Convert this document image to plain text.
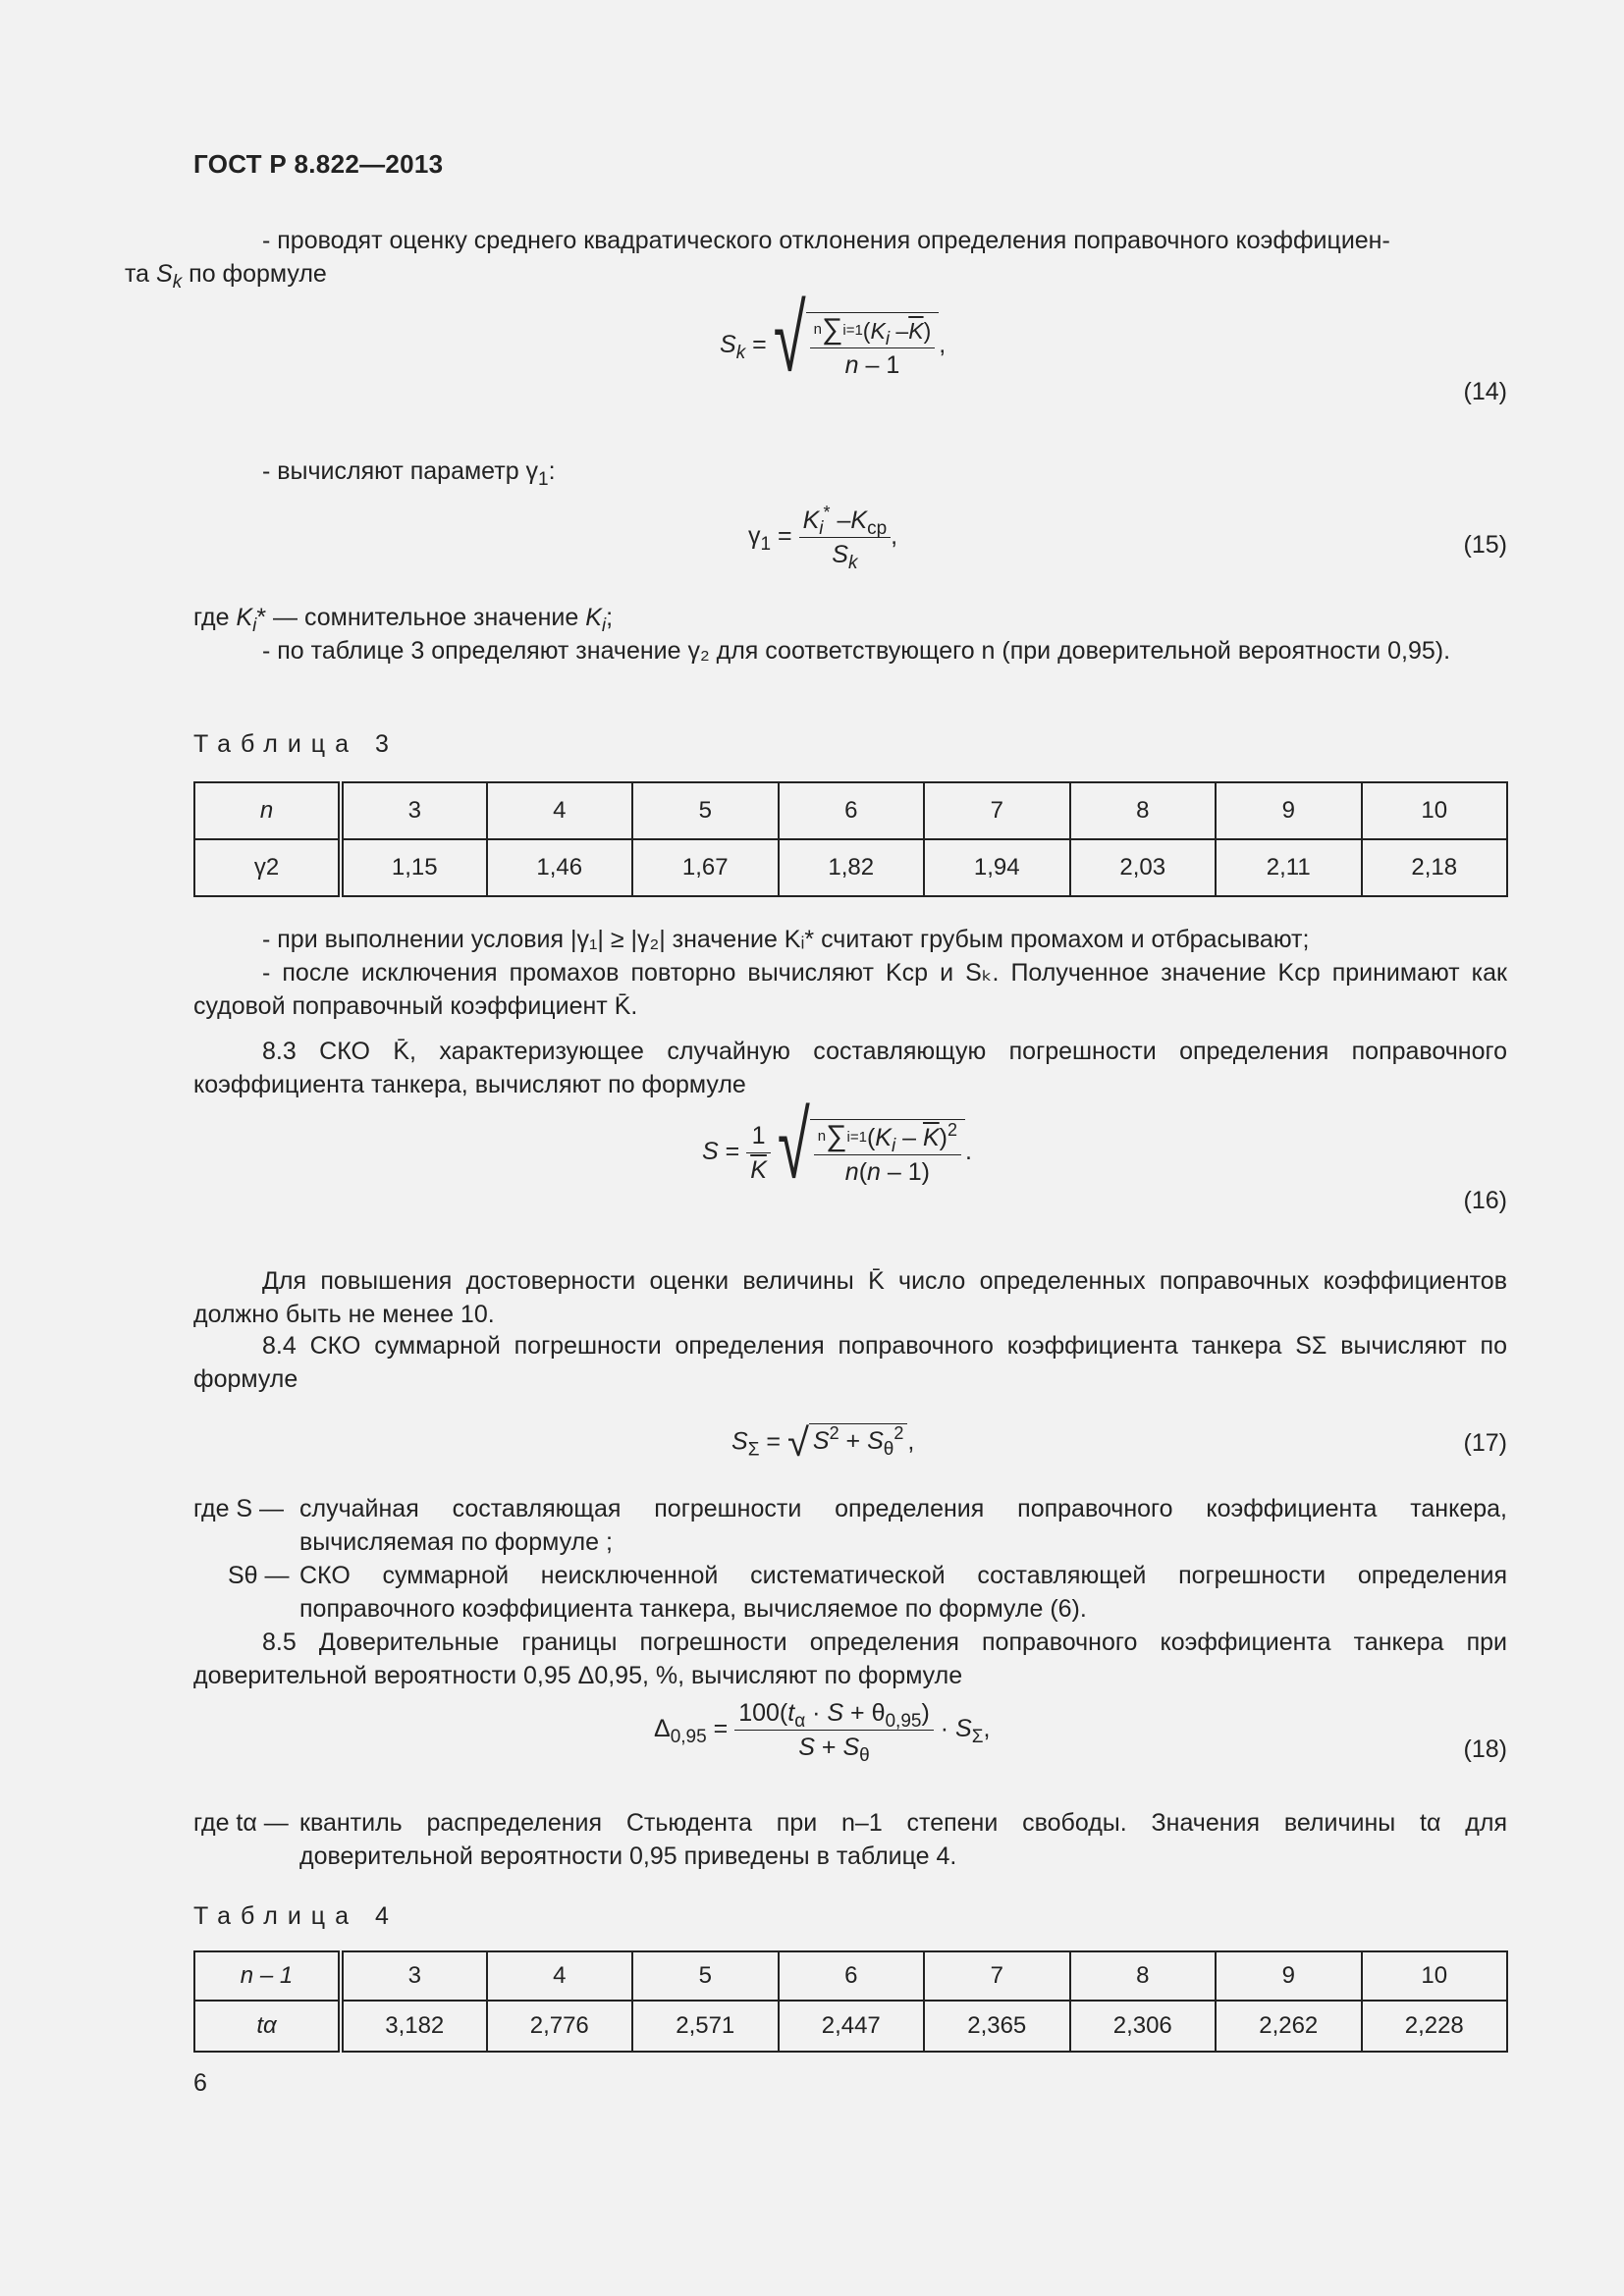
ГОСТ Р 8.822—2013
- проводят оценку среднего квадратического отклонения определения поправочного коэффициен-
та $S_k$ по формуле
$S_k$ = √ $\frac{^n\sum i=1(K_i -\overline{K})}{n - 1}$ ,
(14)
- вычисляют параметр $\gamma_1$:
$\gamma_1 = \frac{K_i^* -K_{ср}}{S_k}$ ,	(15)
где $K_i*$ — сомнительное значение $K_i$;
- по таблице 3 определяют значение γ₂ для соответствующего n (при доверительной вероятности 0,95).
Таблица 3
n	3	4	5	6	7	8	9	10
γ2	1,15	1,46	1,67	1,82	1,94	2,03	2,11	2,18
- при выполнении условия |γ₁| ≥ |γ₂| значение Kᵢ* считают грубым промахом и отбрасывают;
- после исключения промахов повторно вычисляют Kср и Sₖ. Полученное значение Kср принимают как судовой поправочный коэффициент K̄.
8.3 СКО K̄, характеризующее случайную составляющую погрешности определения поправочного коэффициента танкера, вычисляют по формуле
$S = \frac{1}{K}$
√ $\frac{^n\sum i=1(K_i - \overline{K})^2}{n(n - 1)}$ .
(16)
Для повышения достоверности оценки величины K̄ число определенных поправочных коэффициентов должно быть не менее 10.
8.4 СКО суммарной погрешности определения поправочного коэффициента танкера SΣ вычисляют по формуле
$S_\Sigma$ = √ $S^2 + S_\theta^2$ ,	(17)
где S — случайная составляющая погрешности определения поправочного коэффициента танкера, вычисляемая по формуле ;
Sθ — СКО суммарной неисключенной систематической составляющей погрешности определения поправочного коэффициента танкера, вычисляемое по формуле (6).
8.5 Доверительные границы погрешности определения поправочного коэффициента танкера при доверительной вероятности 0,95 Δ0,95, %, вычисляют по формуле
$\Delta_{0,95} = \frac{100(t_\alpha \cdot S + \theta_{0,95})}{S + S_\theta} \cdot S_\Sigma$,
(18)
где tα — квантиль распределения Стьюдента при n–1 степени свободы. Значения величины tα для доверительной вероятности 0,95 приведены в таблице 4.
Таблица 4
n – 1	3	4	5	6	7	8	9	10
tα	3,182	2,776	2,571	2,447	2,365	2,306	2,262	2,228
6
